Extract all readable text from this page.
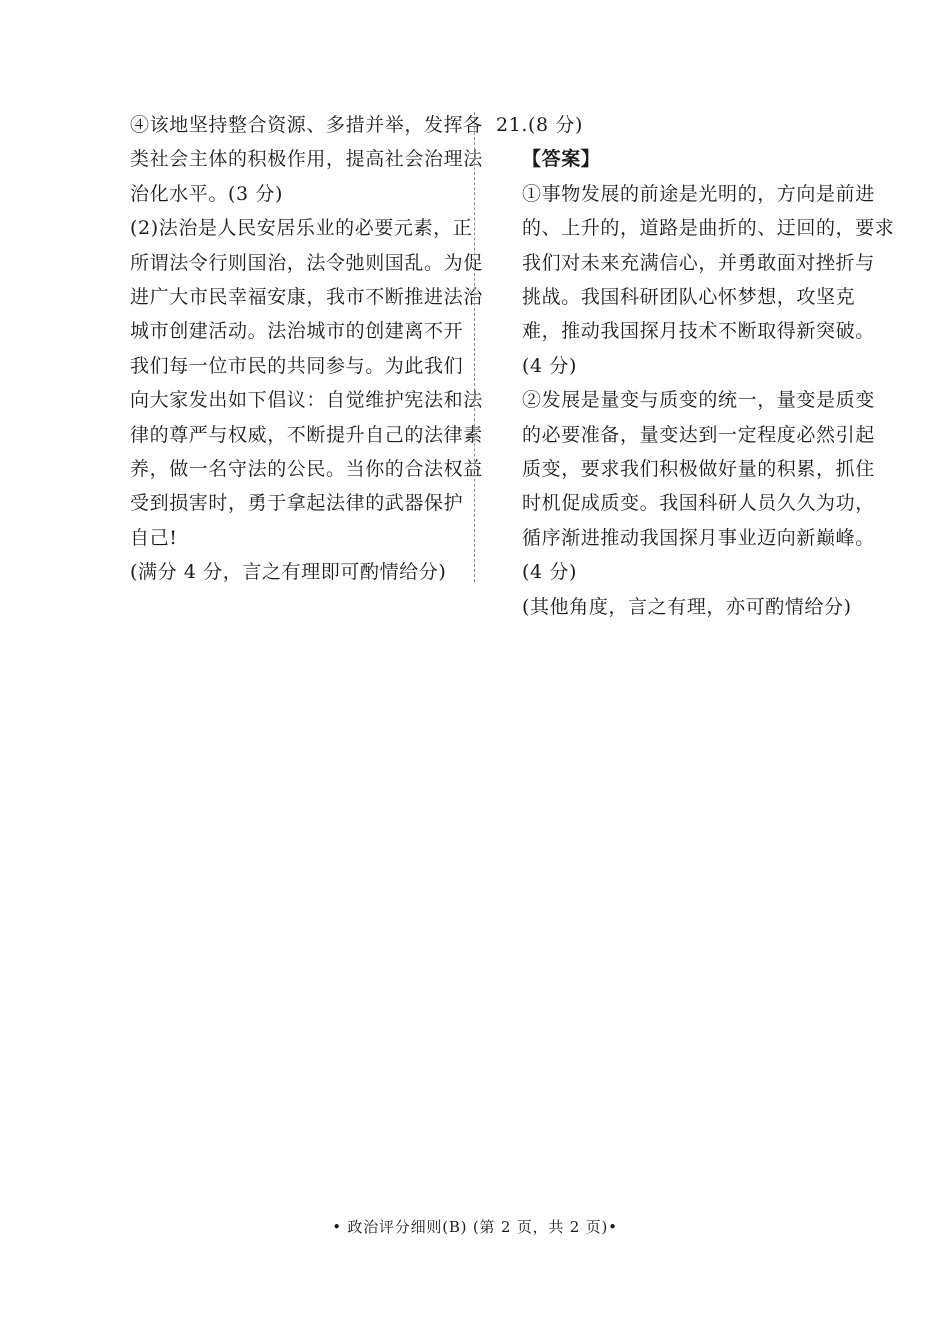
④该地坚持整合资源、多措并举，发挥各
类社会主体的积极作用，提高社会治理法
治化水平。(3 分)
(2)法治是人民安居乐业的必要元素，正
所谓法令行则国治，法令弛则国乱。为促
进广大市民幸福安康，我市不断推进法治
城市创建活动。法治城市的创建离不开
我们每一位市民的共同参与。为此我们
向大家发出如下倡议：自觉维护宪法和法
律的尊严与权威，不断提升自己的法律素
养，做一名守法的公民。当你的合法权益
受到损害时，勇于拿起法律的武器保护
自己!
(满分 4 分，言之有理即可酌情给分)
21.(8 分)
【答案】
①事物发展的前途是光明的，方向是前进
的、上升的，道路是曲折的、迂回的，要求
我们对未来充满信心，并勇敢面对挫折与
挑战。我国科研团队心怀梦想，攻坚克
难，推动我国探月技术不断取得新突破。
(4 分)
②发展是量变与质变的统一，量变是质变
的必要准备，量变达到一定程度必然引起
质变，要求我们积极做好量的积累，抓住
时机促成质变。我国科研人员久久为功，
循序渐进推动我国探月事业迈向新巅峰。
(4 分)
(其他角度，言之有理，亦可酌情给分)
• 政治评分细则(B) (第 2 页，共 2 页)•
